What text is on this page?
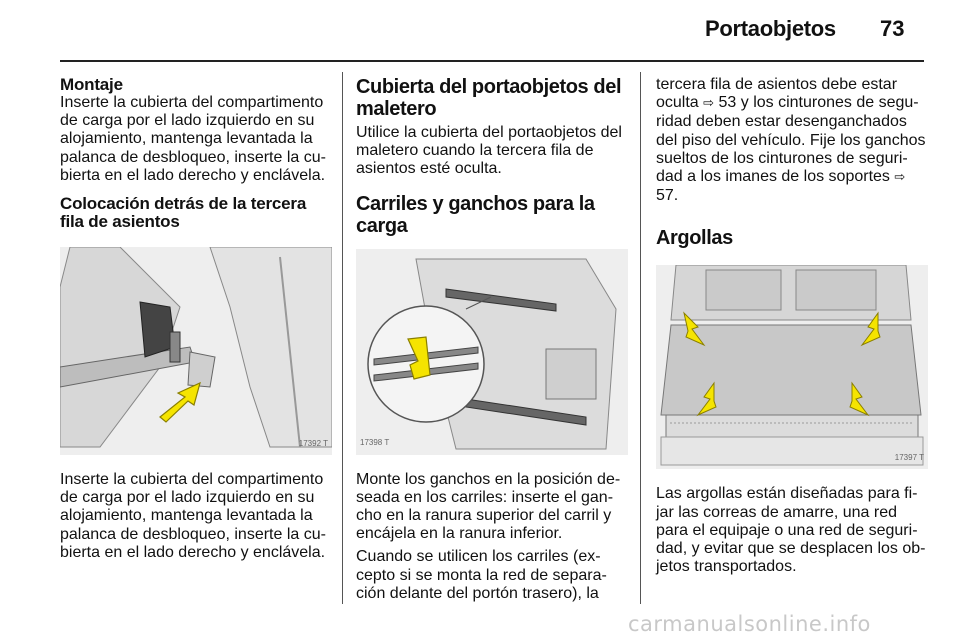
Portaobjetos 73
Montaje

Inserte la cubierta del compartimento de carga por el lado izquierdo en su alojamiento, mantenga levantada la palanca de desbloqueo, inserte la cu-bierta en el lado derecho y enclávela.

Colocación detrás de la tercera fila de asientos
17392 T

Inserte la cubierta del compartimento de carga por el lado izquierdo en su alojamiento, mantenga levantada la palanca de desbloqueo, inserte la cu-bierta en el lado derecho y enclávela.

Cubierta del portaobjetos del maletero

Utilice la cubierta del portaobjetos del maletero cuando la tercera fila de asientos esté oculta.

Carriles y ganchos para la carga
17398 T

Monte los ganchos en la posición de-seada en los carriles: inserte el gan-cho en la ranura superior del carril y encájela en la ranura inferior.

Cuando se utilicen los carriles (ex-cepto si se monta la red de separa-ción delante del portón trasero), la

tercera fila de asientos debe estar oculta ⇨ 53 y los cinturones de segu-ridad deben estar desenganchados del piso del vehículo. Fije los ganchos sueltos de los cinturones de seguri-dad a los imanes de los soportes ⇨ 57.

Argollas
17397 T

Las argollas están diseñadas para fi-jar las correas de amarre, una red para el equipaje o una red de seguri-dad, y evitar que se desplacen los ob-jetos transportados.

carmanualsonline.info
